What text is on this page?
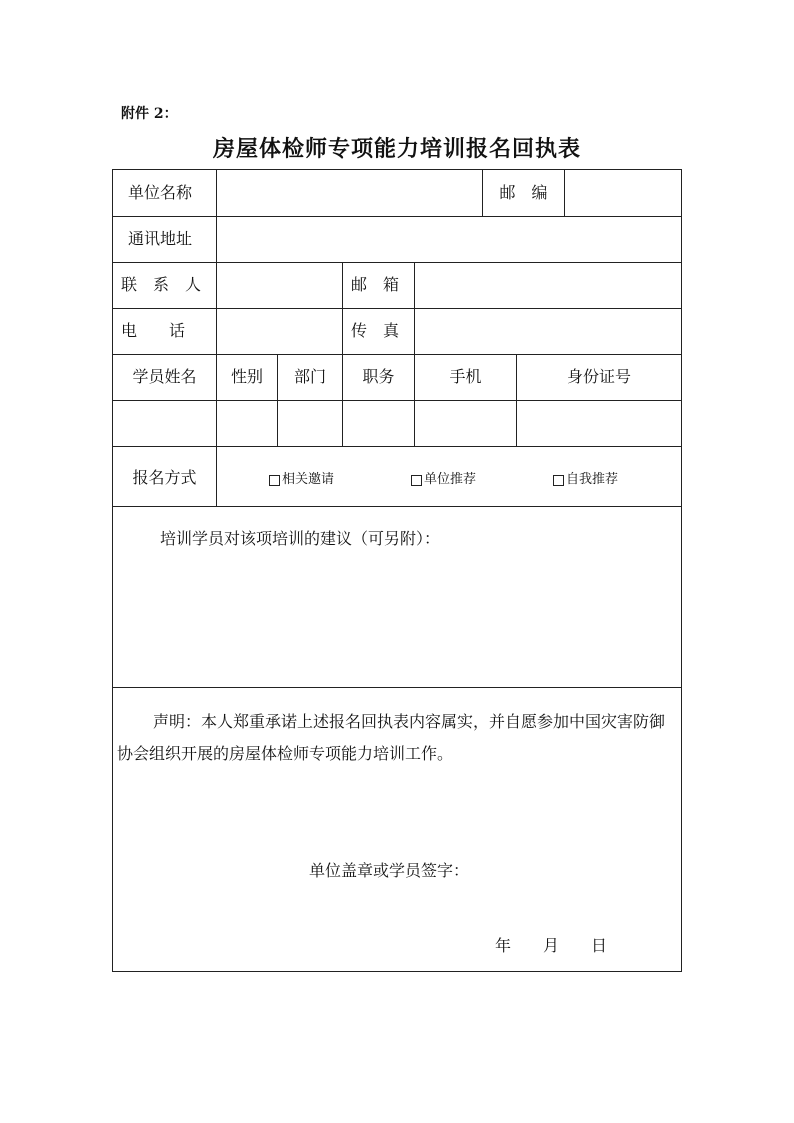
附件 2：
房屋体检师专项能力培训报名回执表
单位名称	邮　编
通讯地址
联　系　人	邮　箱
电　　话	传　真
学员姓名	性别	部门	职务	手机	身份证号
报名方式	相关邀请	单位推荐	自我推荐
培训学员对该项培训的建议（可另附）：
声明：本人郑重承诺上述报名回执表内容属实，并自愿参加中国灾害防御协会组织开展的房屋体检师专项能力培训工作。
单位盖章或学员签字：
年 月 日
